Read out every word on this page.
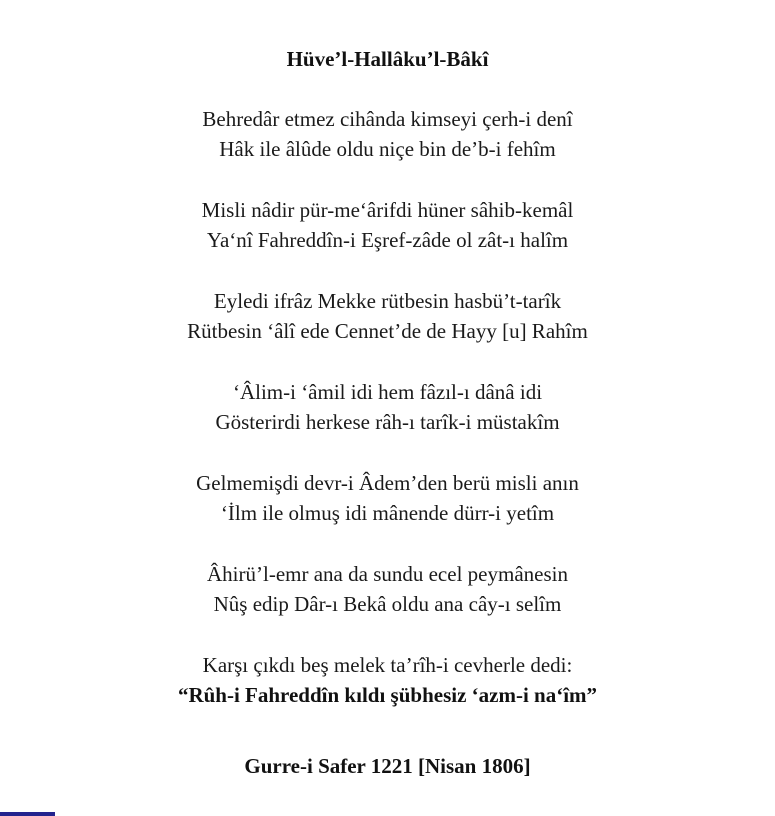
Hüve’l-Hallâku’l-Bâkî
Behredâr etmez cihânda kimseyi çerh-i denî
Hâk ile âlûde oldu niçe bin de’b-i fehîm
Misli nâdir pür-me‘ârifdi hüner sâhib-kemâl
Ya‘nî Fahreddîn-i Eşref-zâde ol zât-ı halîm
Eyledi ifrâz Mekke rütbesin hasbü’t-tarîk
Rütbesin ‘âlî ede Cennet’de de Hayy [u] Rahîm
‘Âlim-i ‘âmil idi hem fâzıl-ı dânâ idi
Gösterirdi herkese râh-ı tarîk-i müstakîm
Gelmemişdi devr-i Âdem’den berü misli anın
‘İlm ile olmuş idi mânende dürr-i yetîm
Âhirü’l-emr ana da sundu ecel peymânesin
Nûş edip Dâr-ı Bekâ oldu ana cây-ı selîm
Karşı çıkdı beş melek ta’rîh-i cevherle dedi:
“Rûh-i Fahreddîn kıldı şübhesiz ‘azm-i na‘îm”
Gurre-i Safer 1221 [Nisan 1806]
